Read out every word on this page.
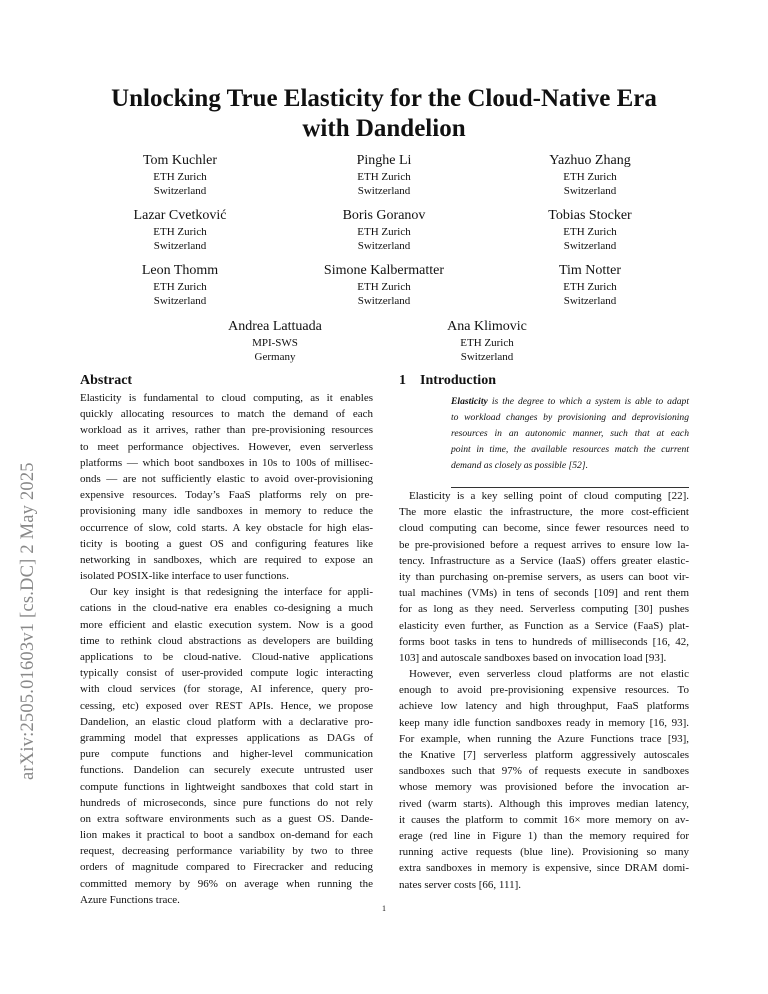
arXiv:2505.01603v1 [cs.DC] 2 May 2025
Unlocking True Elasticity for the Cloud-Native Era
with Dandelion
Tom Kuchler
ETH Zurich
Switzerland
Pinghe Li
ETH Zurich
Switzerland
Yazhuo Zhang
ETH Zurich
Switzerland
Lazar Cvetković
ETH Zurich
Switzerland
Boris Goranov
ETH Zurich
Switzerland
Tobias Stocker
ETH Zurich
Switzerland
Leon Thomm
ETH Zurich
Switzerland
Simone Kalbermatter
ETH Zurich
Switzerland
Tim Notter
ETH Zurich
Switzerland
Andrea Lattuada
MPI-SWS
Germany
Ana Klimovic
ETH Zurich
Switzerland
Abstract
Elasticity is fundamental to cloud computing, as it enables
quickly allocating resources to match the demand of each
workload as it arrives, rather than pre-provisioning resources
to meet performance objectives. However, even serverless
platforms — which boot sandboxes in 10s to 100s of millisec-
onds — are not sufficiently elastic to avoid over-provisioning
expensive resources. Today’s FaaS platforms rely on pre-
provisioning many idle sandboxes in memory to reduce the
occurrence of slow, cold starts. A key obstacle for high elas-
ticity is booting a guest OS and configuring features like
networking in sandboxes, which are required to expose an
isolated POSIX-like interface to user functions.
Our key insight is that redesigning the interface for appli-
cations in the cloud-native era enables co-designing a much
more efficient and elastic execution system. Now is a good
time to rethink cloud abstractions as developers are building
applications to be cloud-native. Cloud-native applications
typically consist of user-provided compute logic interacting
with cloud services (for storage, AI inference, query pro-
cessing, etc) exposed over REST APIs. Hence, we propose
Dandelion, an elastic cloud platform with a declarative pro-
gramming model that expresses applications as DAGs of
pure compute functions and higher-level communication
functions. Dandelion can securely execute untrusted user
compute functions in lightweight sandboxes that cold start in
hundreds of microseconds, since pure functions do not rely
on extra software environments such as a guest OS. Dande-
lion makes it practical to boot a sandbox on-demand for each
request, decreasing performance variability by two to three
orders of magnitude compared to Firecracker and reducing
committed memory by 96% on average when running the
Azure Functions trace.
1 Introduction
Elasticity is the degree to which a system is able to adapt
to workload changes by provisioning and deprovisioning
resources in an autonomic manner, such that at each
point in time, the available resources match the current
demand as closely as possible [52].
Elasticity is a key selling point of cloud computing [22].
The more elastic the infrastructure, the more cost-efficient
cloud computing can become, since fewer resources need to
be pre-provisioned before a request arrives to ensure low la-
tency. Infrastructure as a Service (IaaS) offers greater elastic-
ity than purchasing on-premise servers, as users can boot vir-
tual machines (VMs) in tens of seconds [109] and rent them
for as long as they need. Serverless computing [30] pushes
elasticity even further, as Function as a Service (FaaS) plat-
forms boot tasks in tens to hundreds of milliseconds [16, 42,
103] and autoscale sandboxes based on invocation load [93].
However, even serverless cloud platforms are not elastic
enough to avoid pre-provisioning expensive resources. To
achieve low latency and high throughput, FaaS platforms
keep many idle function sandboxes ready in memory [16, 93].
For example, when running the Azure Functions trace [93],
the Knative [7] serverless platform aggressively autoscales
sandboxes such that 97% of requests execute in sandboxes
whose memory was provisioned before the invocation ar-
rived (warm starts). Although this improves median latency,
it causes the platform to commit 16× more memory on av-
erage (red line in Figure 1) than the memory required for
running active requests (blue line). Provisioning so many
extra sandboxes in memory is expensive, since DRAM domi-
nates server costs [66, 111].
1
